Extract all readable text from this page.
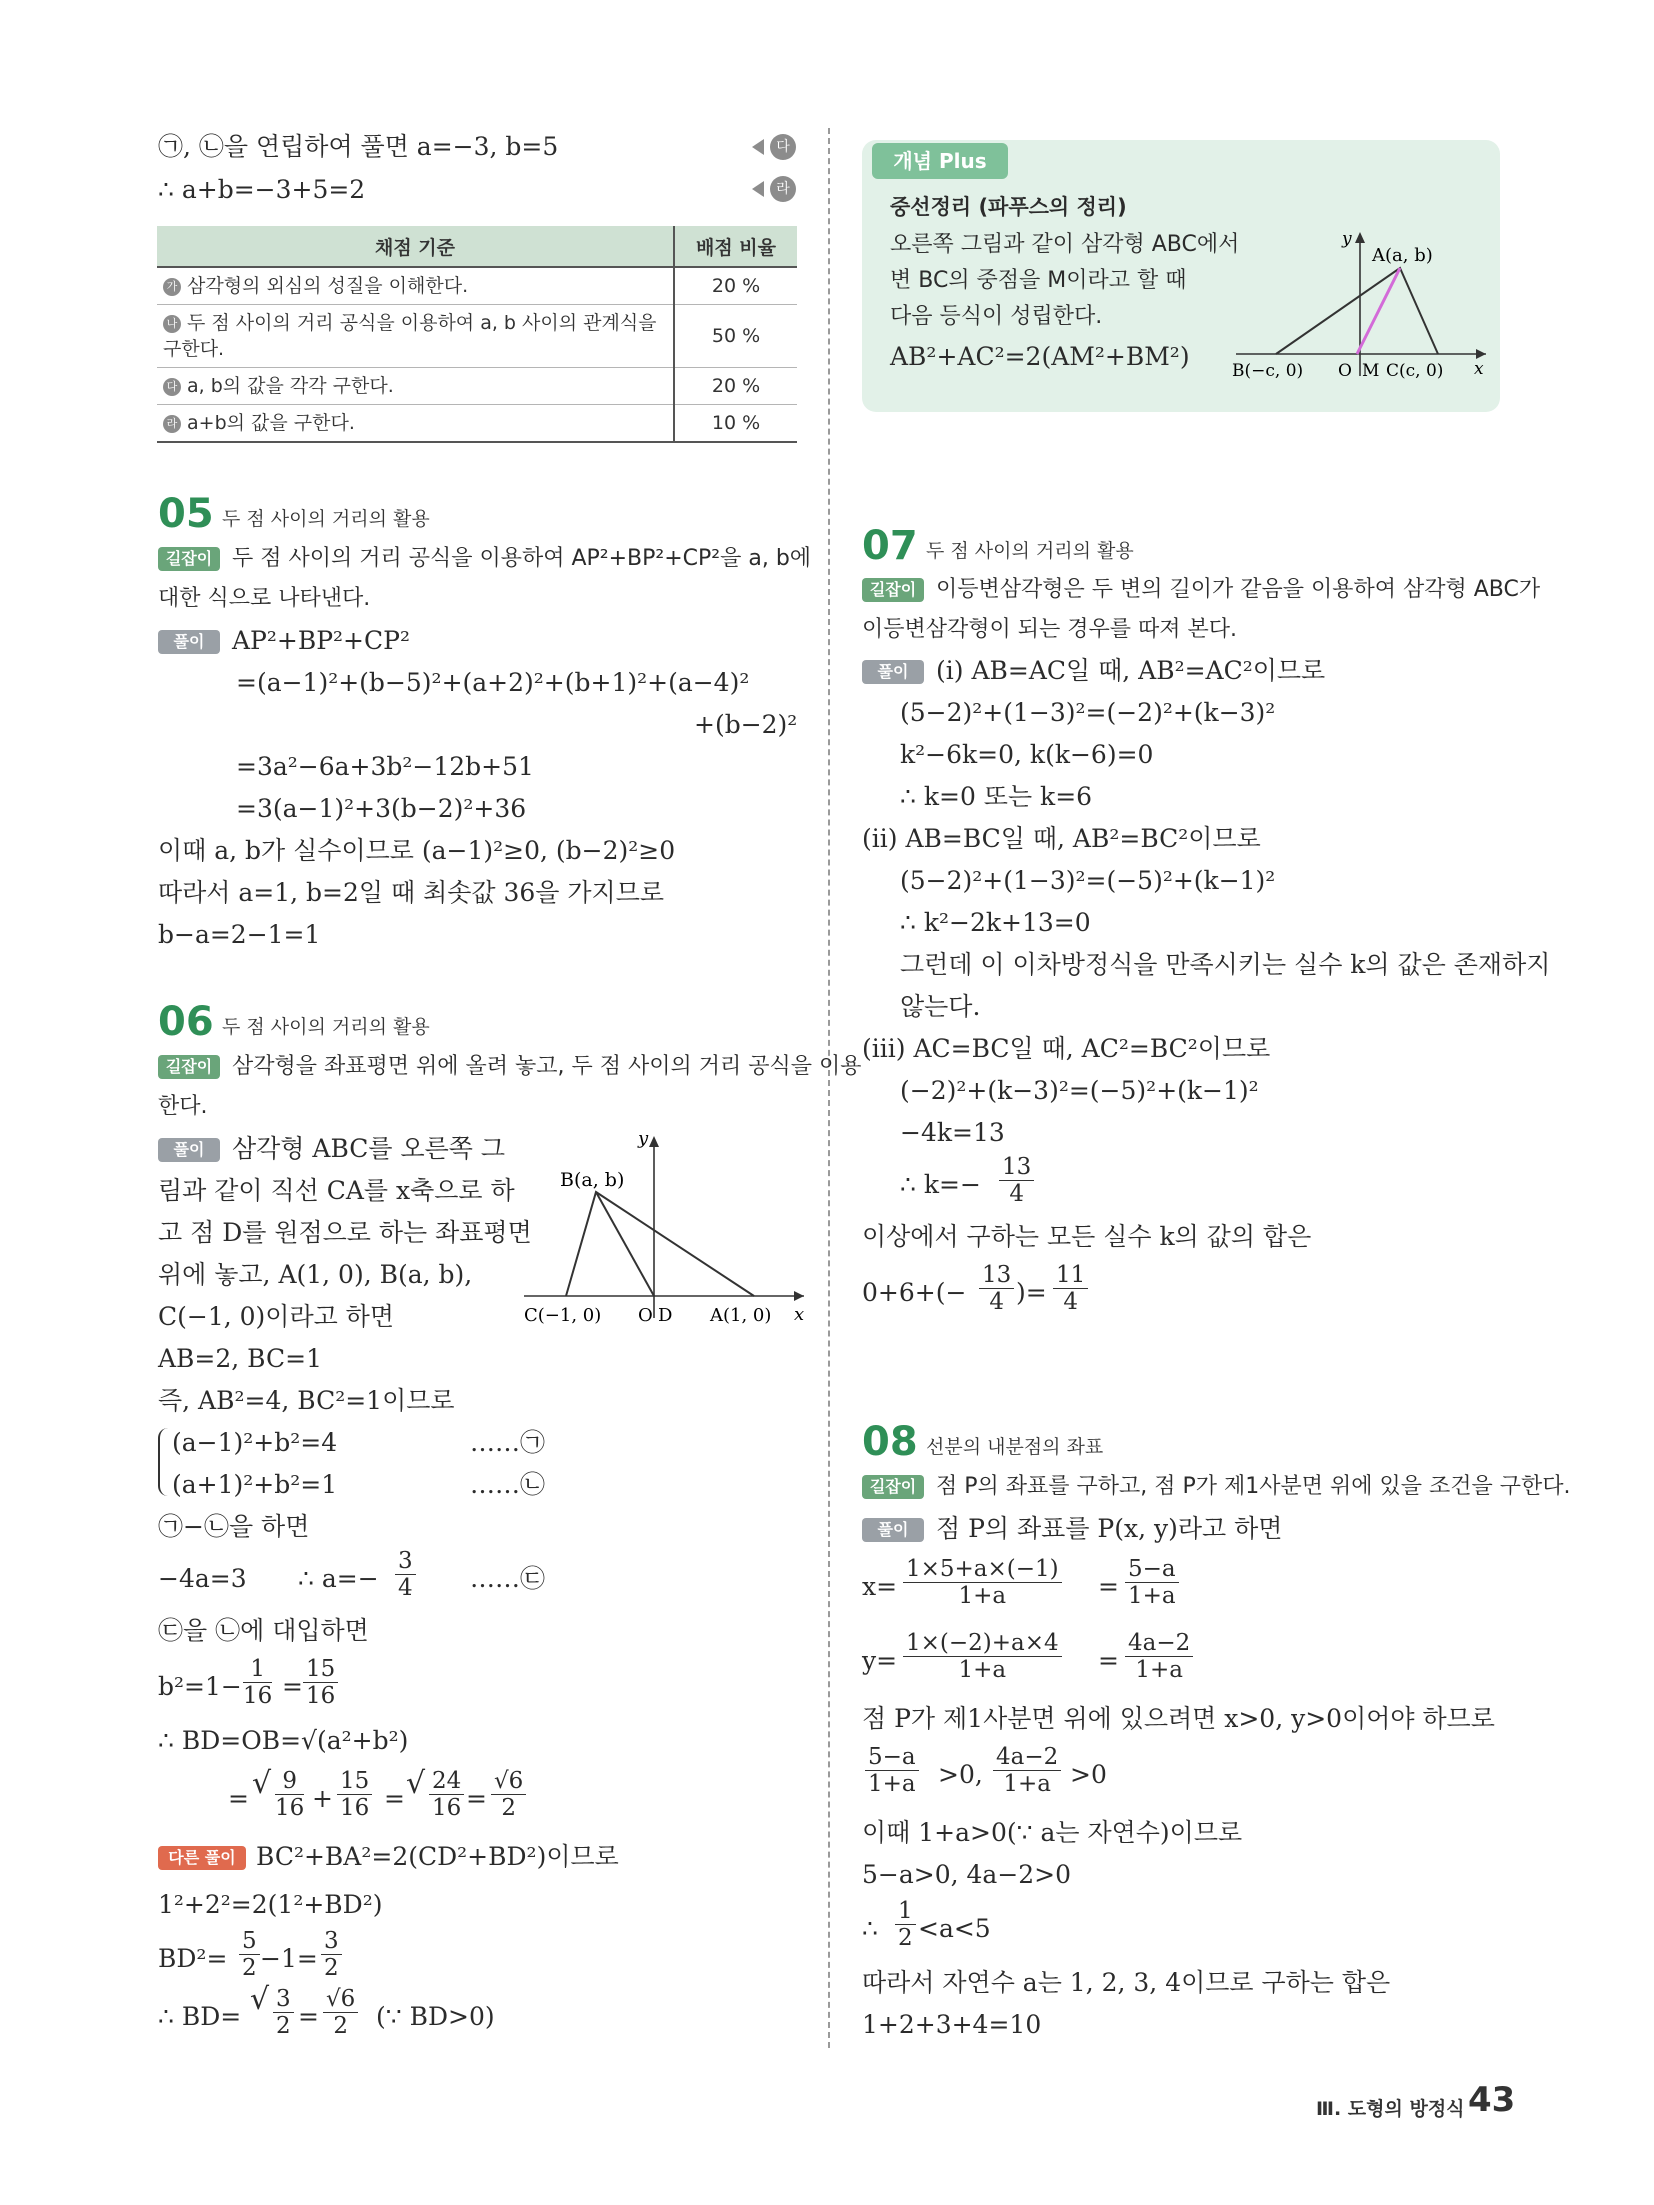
㉠, ㉡을 연립하여 풀면 a=−3, b=5	다
∴ a+b=−3+5=2	라
채점 기준	배점 비율
가 삼각형의 외심의 성질을 이해한다.	20 %
나 두 점 사이의 거리 공식을 이용하여 a, b 사이의 관계식을 구한다.	50 %
다 a, b의 값을 각각 구한다.	20 %
라 a+b의 값을 구한다.	10 %
05 두 점 사이의 거리의 활용
길잡이 두 점 사이의 거리 공식을 이용하여 AP²+BP²+CP²을 a, b에
대한 식으로 나타낸다.
풀이	AP²+BP²+CP²
=(a−1)²+(b−5)²+(a+2)²+(b+1)²+(a−4)²
+(b−2)²
=3a²−6a+3b²−12b+51
=3(a−1)²+3(b−2)²+36
이때 a, b가 실수이므로 (a−1)²≥0, (b−2)²≥0
따라서 a=1, b=2일 때 최솟값 36을 가지므로
b−a=2−1=1
06 두 점 사이의 거리의 활용
길잡이 삼각형을 좌표평면 위에 올려 놓고, 두 점 사이의 거리 공식을 이용
한다.
풀이	삼각형 ABC를 오른쪽 그
림과 같이 직선 CA를 x축으로 하
고 점 D를 원점으로 하는 좌표평면
위에 놓고, A(1, 0), B(a, b),
C(−1, 0)이라고 하면
B(a, b)
C(−1, 0) O D A(1, 0) x
y
AB=2, BC=1
즉, AB²=4, BC²=1이므로
(a−1)²+b²=4	……㉠
(a+1)²+b²=1	……㉡
㉠−㉡을 하면
−4a=3 ∴ $a=- \frac{3}{4}$ ……㉢
㉢을 ㉡에 대입하면
$b^2=1- \frac{1}{16} = \frac{15}{16}$
∴ BD=OB=√(a²+b²)
= √ $\frac{9}{16} + \frac{15}{16}$ = √ $\frac{24}{16} = \frac{√6}{2}$
다른 풀이 BC²+BA²=2(CD²+BD²)이므로
1²+2²=2(1²+BD²)
$BD^2= \frac{5}{2} -1= \frac{3}{2}$
∴ BD= √ $\frac{3}{2} = \frac{√6}{2}$ (∵ BD>0)
개념 Plus
중선정리 (파푸스의 정리)
오른쪽 그림과 같이 삼각형 ABC에서
변 BC의 중점을 M이라고 할 때
다음 등식이 성립한다.
AB²+AC²=2(AM²+BM²)
A(a, b)
B(−c, 0) O M C(c, 0) x
y
07 두 점 사이의 거리의 활용
길잡이 이등변삼각형은 두 변의 길이가 같음을 이용하여 삼각형 ABC가
이등변삼각형이 되는 경우를 따져 본다.
풀이	(i) AB=AC일 때, AB²=AC²이므로
(5−2)²+(1−3)²=(−2)²+(k−3)²
k²−6k=0, k(k−6)=0
∴ k=0 또는 k=6
(ii) AB=BC일 때, AB²=BC²이므로
(5−2)²+(1−3)²=(−5)²+(k−1)²
∴ k²−2k+13=0
그런데 이 이차방정식을 만족시키는 실수 k의 값은 존재하지
않는다.
(iii) AC=BC일 때, AC²=BC²이므로
(−2)²+(k−3)²=(−5)²+(k−1)²
−4k=13
∴ $k=- \frac{13}{4}$
이상에서 구하는 모든 실수 k의 값의 합은
$0+6+(- \frac{13}{4}$ )= $\frac{11}{4}$
08 선분의 내분점의 좌표
길잡이 점 P의 좌표를 구하고, 점 P가 제1사분면 위에 있을 조건을 구한다.
풀이	점 P의 좌표를 P(x, y)라고 하면
$x= \frac{1\times 5+a\times(-1)}{1+a} = \frac{5-a}{1+a}$
$y= \frac{1\times(-2)+a\times 4}{1+a} = \frac{4a-2}{1+a}$
점 P가 제1사분면 위에 있으려면 x>0, y>0이어야 하므로
$\frac{5-a}{1+a} >0$, $\frac{4a-2}{1+a} >0$
이때 1+a>0(∵ a는 자연수)이므로
5−a>0, 4a−2>0
∴ $\frac{1}{2} <a<5$
따라서 자연수 a는 1, 2, 3, 4이므로 구하는 합은
1+2+3+4=10
Ⅲ. 도형의 방정식 43
